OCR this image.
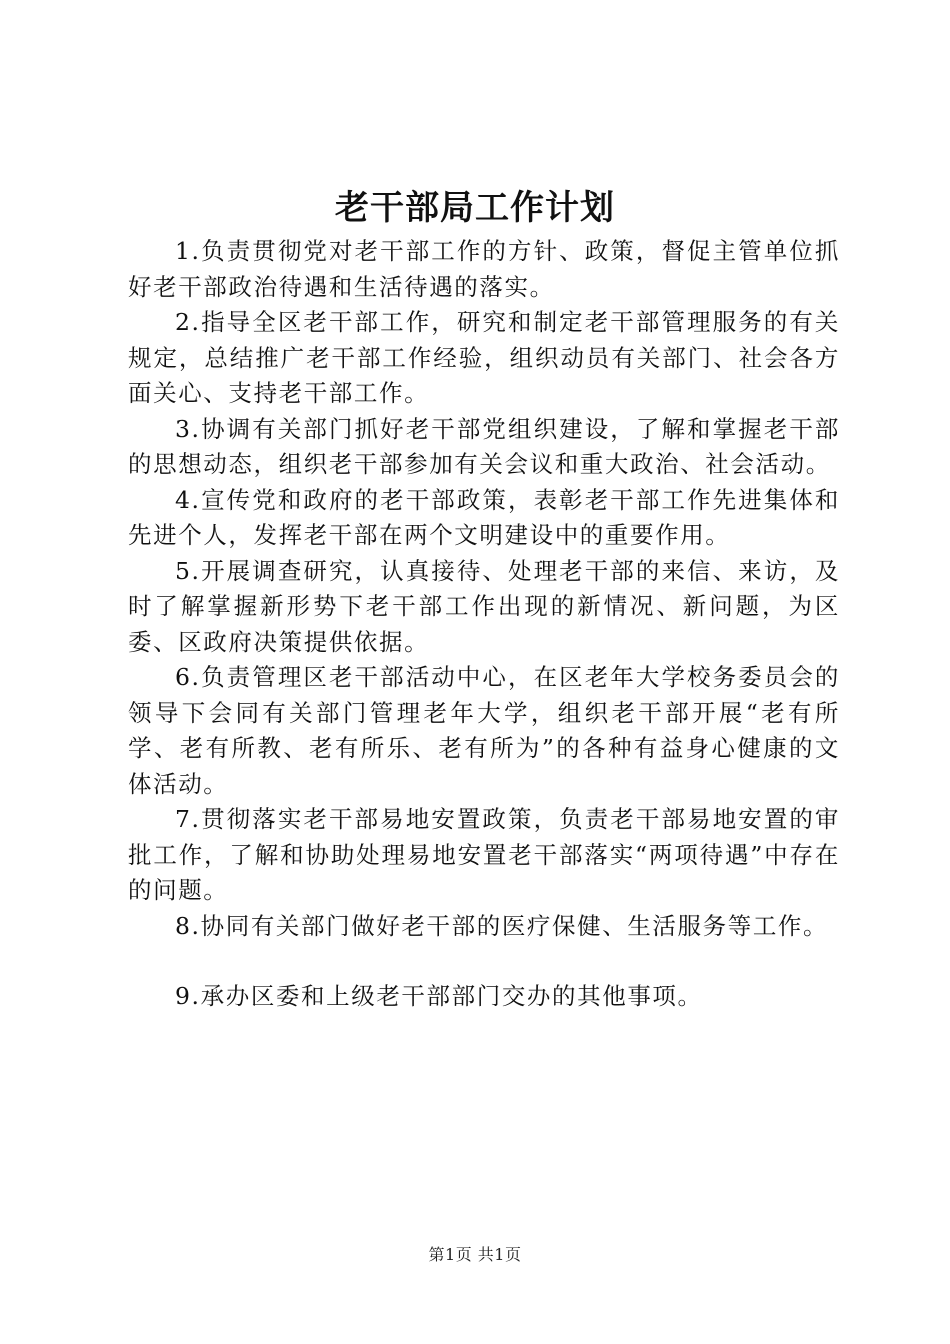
老干部局工作计划

1.负责贯彻党对老干部工作的方针、政策，督促主管单位抓好老干部政治待遇和生活待遇的落实。

2.指导全区老干部工作，研究和制定老干部管理服务的有关规定，总结推广老干部工作经验，组织动员有关部门、社会各方面关心、支持老干部工作。

3.协调有关部门抓好老干部党组织建设，了解和掌握老干部的思想动态，组织老干部参加有关会议和重大政治、社会活动。

4.宣传党和政府的老干部政策，表彰老干部工作先进集体和先进个人，发挥老干部在两个文明建设中的重要作用。

5.开展调查研究，认真接待、处理老干部的来信、来访，及时了解掌握新形势下老干部工作出现的新情况、新问题，为区委、区政府决策提供依据。

6.负责管理区老干部活动中心，在区老年大学校务委员会的领导下会同有关部门管理老年大学，组织老干部开展“老有所学、老有所教、老有所乐、老有所为”的各种有益身心健康的文体活动。

7.贯彻落实老干部易地安置政策，负责老干部易地安置的审批工作，了解和协助处理易地安置老干部落实“两项待遇”中存在的问题。

8.协同有关部门做好老干部的医疗保健、生活服务等工作。

9.承办区委和上级老干部部门交办的其他事项。

第1页 共1页
